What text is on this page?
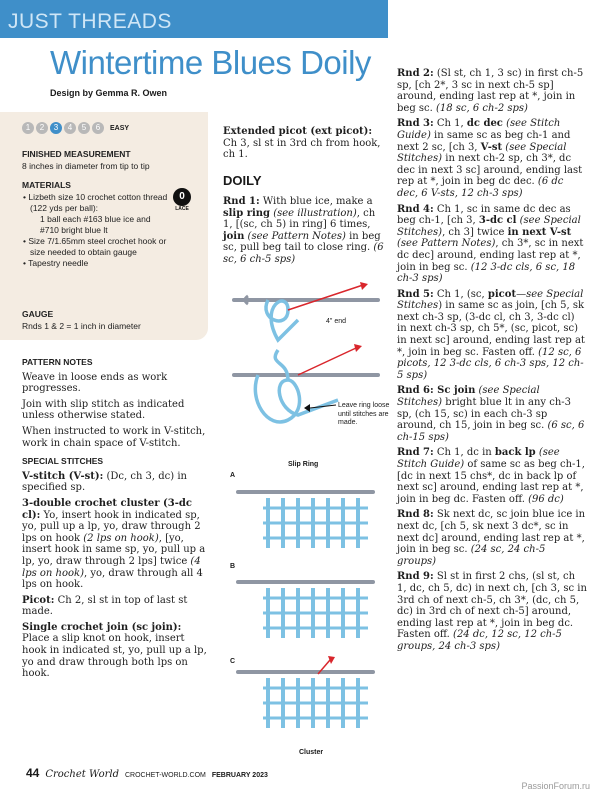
JUST THREADS
Wintertime Blues Doily
Design by Gemma R. Owen
1	2	3	4	5	6	EASY
FINISHED MEASUREMENT

8 inches in diameter from tip to tip

MATERIALS

• Lizbeth size 10 crochet cotton thread (122 yds per ball):

1 ball each #163 blue ice and #710 bright blue lt

• Size 7/1.65mm steel crochet hook or size needed to obtain gauge

• Tapestry needle

0
LACE
GAUGE

Rnds 1 & 2 = 1 inch in diameter

PATTERN NOTES

Weave in loose ends as work progresses.

Join with slip stitch as indicated unless otherwise stated.

When instructed to work in V-stitch, work in chain space of V-stitch.

SPECIAL STITCHES

V-stitch (V-st): (Dc, ch 3, dc) in specified sp.

3-double crochet cluster (3-dc cl): Yo, insert hook in indicated sp, yo, pull up a lp, yo, draw through 2 lps on hook (2 lps on hook), [yo, insert hook in same sp, yo, pull up a lp, yo, draw through 2 lps] twice (4 lps on hook), yo, draw through all 4 lps on hook.

Picot: Ch 2, sl st in top of last st made.

Single crochet join (sc join): Place a slip knot on hook, insert hook in indicated st, yo, pull up a lp, yo and draw through both lps on hook.

Extended picot (ext picot): Ch 3, sl st in 3rd ch from hook, ch 1.

DOILY

Rnd 1: With blue ice, make a slip ring (see illustration), ch 1, [(sc, ch 5) in ring] 6 times, join (see Pattern Notes) in beg sc, pull beg tail to close ring. (6 sc, 6 ch-5 sps)

4" end
Leave ring loose until stitches are made.
Slip Ring
A
B
C
Cluster

Rnd 2: (Sl st, ch 1, 3 sc) in first ch-5 sp, [ch 2*, 3 sc in next ch-5 sp] around, ending last rep at *, join in beg sc. (18 sc, 6 ch-2 sps)

Rnd 3: Ch 1, dc dec (see Stitch Guide) in same sc as beg ch-1 and next 2 sc, [ch 3, V-st (see Special Stitches) in next ch-2 sp, ch 3*, dc dec in next 3 sc] around, ending last rep at *, join in beg dc dec. (6 dc dec, 6 V-sts, 12 ch-3 sps)

Rnd 4: Ch 1, sc in same dc dec as beg ch-1, [ch 3, 3-dc cl (see Special Stitches), ch 3] twice in next V-st (see Pattern Notes), ch 3*, sc in next dc dec] around, ending last rep at *, join in beg sc. (12 3-dc cls, 6 sc, 18 ch-3 sps)

Rnd 5: Ch 1, (sc, picot—see Special Stitches) in same sc as join, [ch 5, sk next ch-3 sp, (3-dc cl, ch 3, 3-dc cl) in next ch-3 sp, ch 5*, (sc, picot, sc) in next sc] around, ending last rep at *, join in beg sc. Fasten off. (12 sc, 6 picots, 12 3-dc cls, 6 ch-3 sps, 12 ch-5 sps)

Rnd 6: Sc join (see Special Stitches) bright blue lt in any ch-3 sp, (ch 15, sc) in each ch-3 sp around, ch 15, join in beg sc. (6 sc, 6 ch-15 sps)

Rnd 7: Ch 1, dc in back lp (see Stitch Guide) of same sc as beg ch-1, [dc in next 15 chs*, dc in back lp of next sc] around, ending last rep at *, join in beg dc. Fasten off. (96 dc)

Rnd 8: Sk next dc, sc join blue ice in next dc, [ch 5, sk next 3 dc*, sc in next dc] around, ending last rep at *, join in beg sc. (24 sc, 24 ch-5 groups)

Rnd 9: Sl st in first 2 chs, (sl st, ch 1, dc, ch 5, dc) in next ch, [ch 3, sc in 3rd ch of next ch-5, ch 3*, (dc, ch 5, dc) in 3rd ch of next ch-5] around, ending last rep at *, join in beg dc. Fasten off. (24 dc, 12 sc, 12 ch-5 groups, 24 ch-3 sps)

44 Crochet World CROCHET-WORLD.COM FEBRUARY 2023
PassionForum.ru
